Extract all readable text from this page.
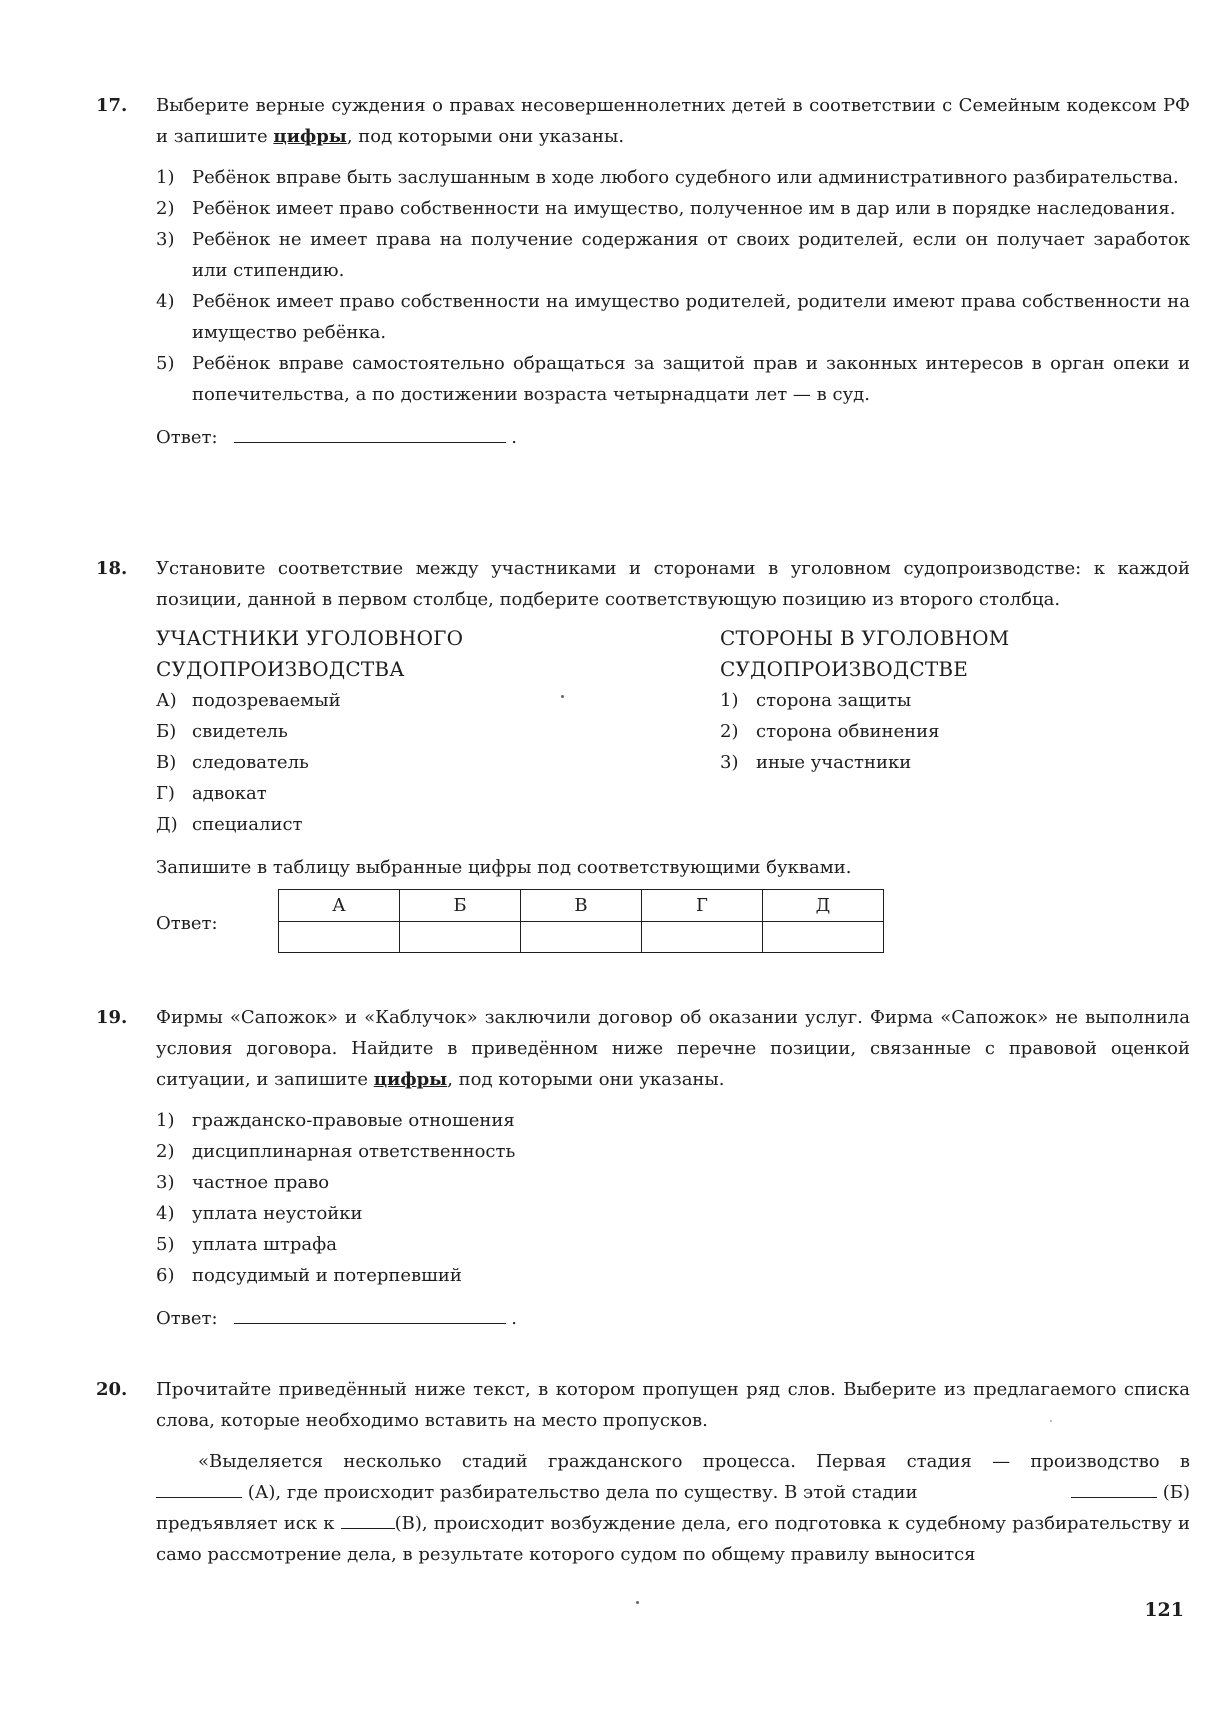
17. Выберите верные суждения о правах несовершеннолетних детей в соответствии с Семейным кодексом РФ и запишите цифры, под которыми они указаны.

1) Ребёнок вправе быть заслушанным в ходе любого судебного или административного разбирательства.
2) Ребёнок имеет право собственности на имущество, полученное им в дар или в порядке наследования.
3) Ребёнок не имеет права на получение содержания от своих родителей, если он получает заработок или стипендию.
4) Ребёнок имеет право собственности на имущество родителей, родители имеют права собственности на имущество ребёнка.
5) Ребёнок вправе самостоятельно обращаться за защитой прав и законных интересов в орган опеки и попечительства, а по достижении возраста четырнадцати лет — в суд.
Ответ:	.
18. Установите соответствие между участниками и сторонами в уголовном судопроизводстве: к каждой позиции, данной в первом столбце, подберите соответствующую позицию из второго столбца.

УЧАСТНИКИ УГОЛОВНОГО
СУДОПРОИЗВОДСТВА
А) подозреваемый
Б) свидетель
В) следователь
Г) адвокат
Д) специалист
СТОРОНЫ В УГОЛОВНОМ
СУДОПРОИЗВОДСТВЕ
1) сторона защиты
2) сторона обвинения
3) иные участники

Запишите в таблицу выбранные цифры под соответствующими буквами.

Ответ:
А	Б	В	Г	Д

19. Фирмы «Сапожок» и «Каблучок» заключили договор об оказании услуг. Фирма «Сапожок» не выполнила условия договора. Найдите в приведённом ниже перечне позиции, связанные с правовой оценкой ситуации, и запишите цифры, под которыми они указаны.

1) гражданско-правовые отношения
2) дисциплинарная ответственность
3) частное право
4) уплата неустойки
5) уплата штрафа
6) подсудимый и потерпевший
Ответ:	.
20. Прочитайте приведённый ниже текст, в котором пропущен ряд слов. Выберите из предлагаемого списка слова, которые необходимо вставить на место пропусков.

«Выделяется несколько стадий гражданского процесса. Первая стадия — производство в
(А), где происходит разбирательство дела по существу. В этой стадии	(Б)
предъявляет иск к	(В), происходит возбуждение дела, его подготовка к судебному разбирательству и само рассмотрение дела, в результате которого судом по общему правилу выносится
121
